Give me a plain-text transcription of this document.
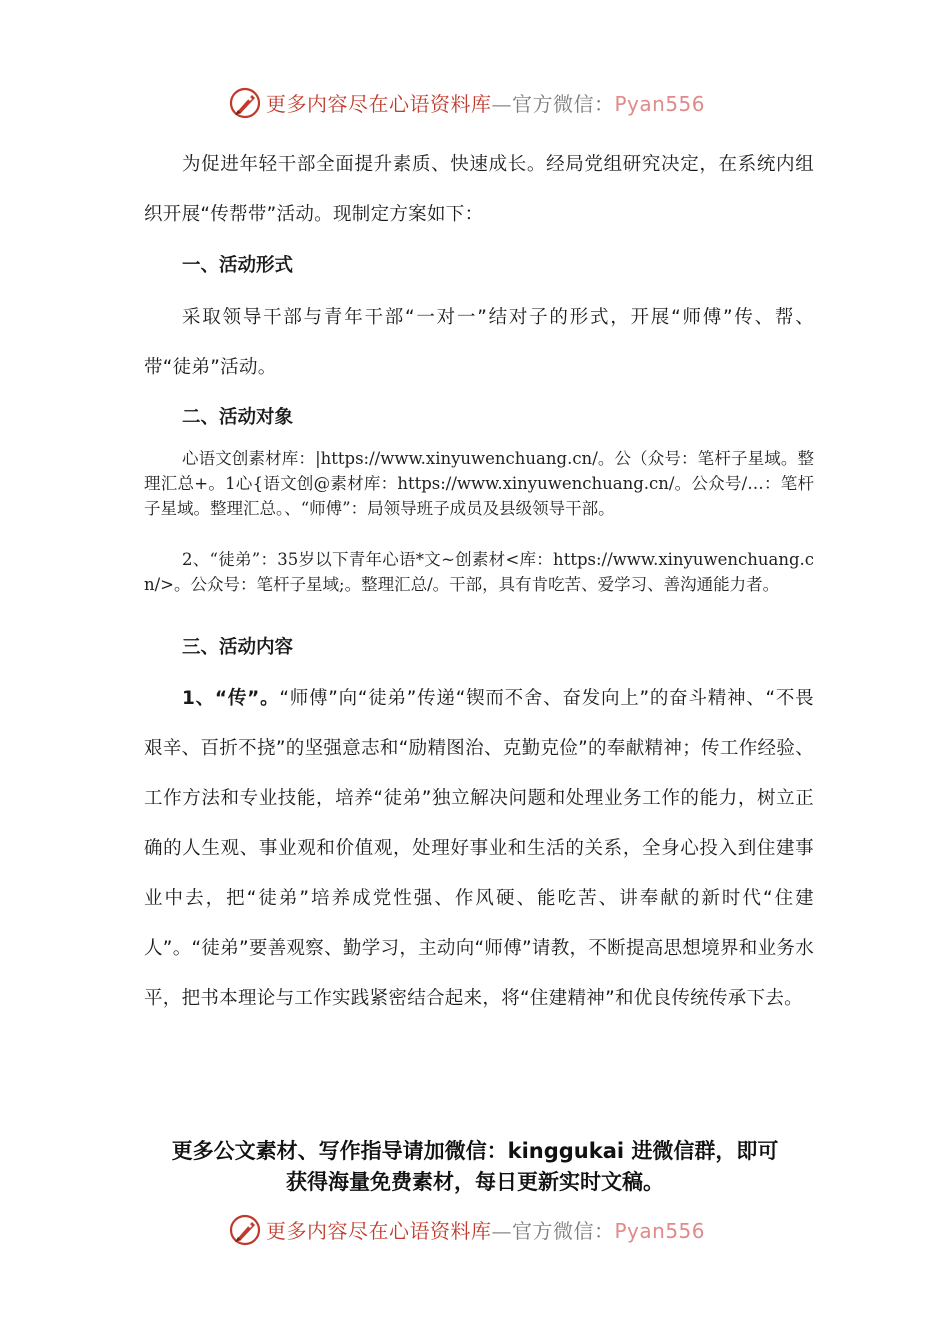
更多内容尽在心语资料库—官方微信：Pyan556

为促进年轻干部全面提升素质、快速成长。经局党组研究决定，在系统内组织开展“传帮带”活动。现制定方案如下：

一、活动形式

采取领导干部与青年干部“一对一”结对子的形式，开展“师傅”传、帮、带“徒弟”活动。

二、活动对象

心语文创素材库：|https://www.xinyuwenchuang.cn/。公（众号：笔杆子星域。整理汇总+。1心{语文创@素材库：https://www.xinyuwenchuang.cn/。公众号/…：笔杆子星域。整理汇总。、“师傅”：局领导班子成员及县级领导干部。

2、“徒弟”：35岁以下青年心语*文~创素材<库：https://www.xinyuwenchuang.cn/>。公众号：笔杆子星域;。整理汇总/。干部，具有肯吃苦、爱学习、善沟通能力者。

三、活动内容

1、“传”。“师傅”向“徒弟”传递“锲而不舍、奋发向上”的奋斗精神、“不畏艰辛、百折不挠”的坚强意志和“励精图治、克勤克俭”的奉献精神；传工作经验、工作方法和专业技能，培养“徒弟”独立解决问题和处理业务工作的能力，树立正确的人生观、事业观和价值观，处理好事业和生活的关系，全身心投入到住建事业中去，把“徒弟”培养成党性强、作风硬、能吃苦、讲奉献的新时代“住建人”。“徒弟”要善观察、勤学习，主动向“师傅”请教，不断提高思想境界和业务水平，把书本理论与工作实践紧密结合起来，将“住建精神”和优良传统传承下去。

更多公文素材、写作指导请加微信：kinggukai 进微信群，即可
获得海量免费素材，每日更新实时文稿。

更多内容尽在心语资料库—官方微信：Pyan556
